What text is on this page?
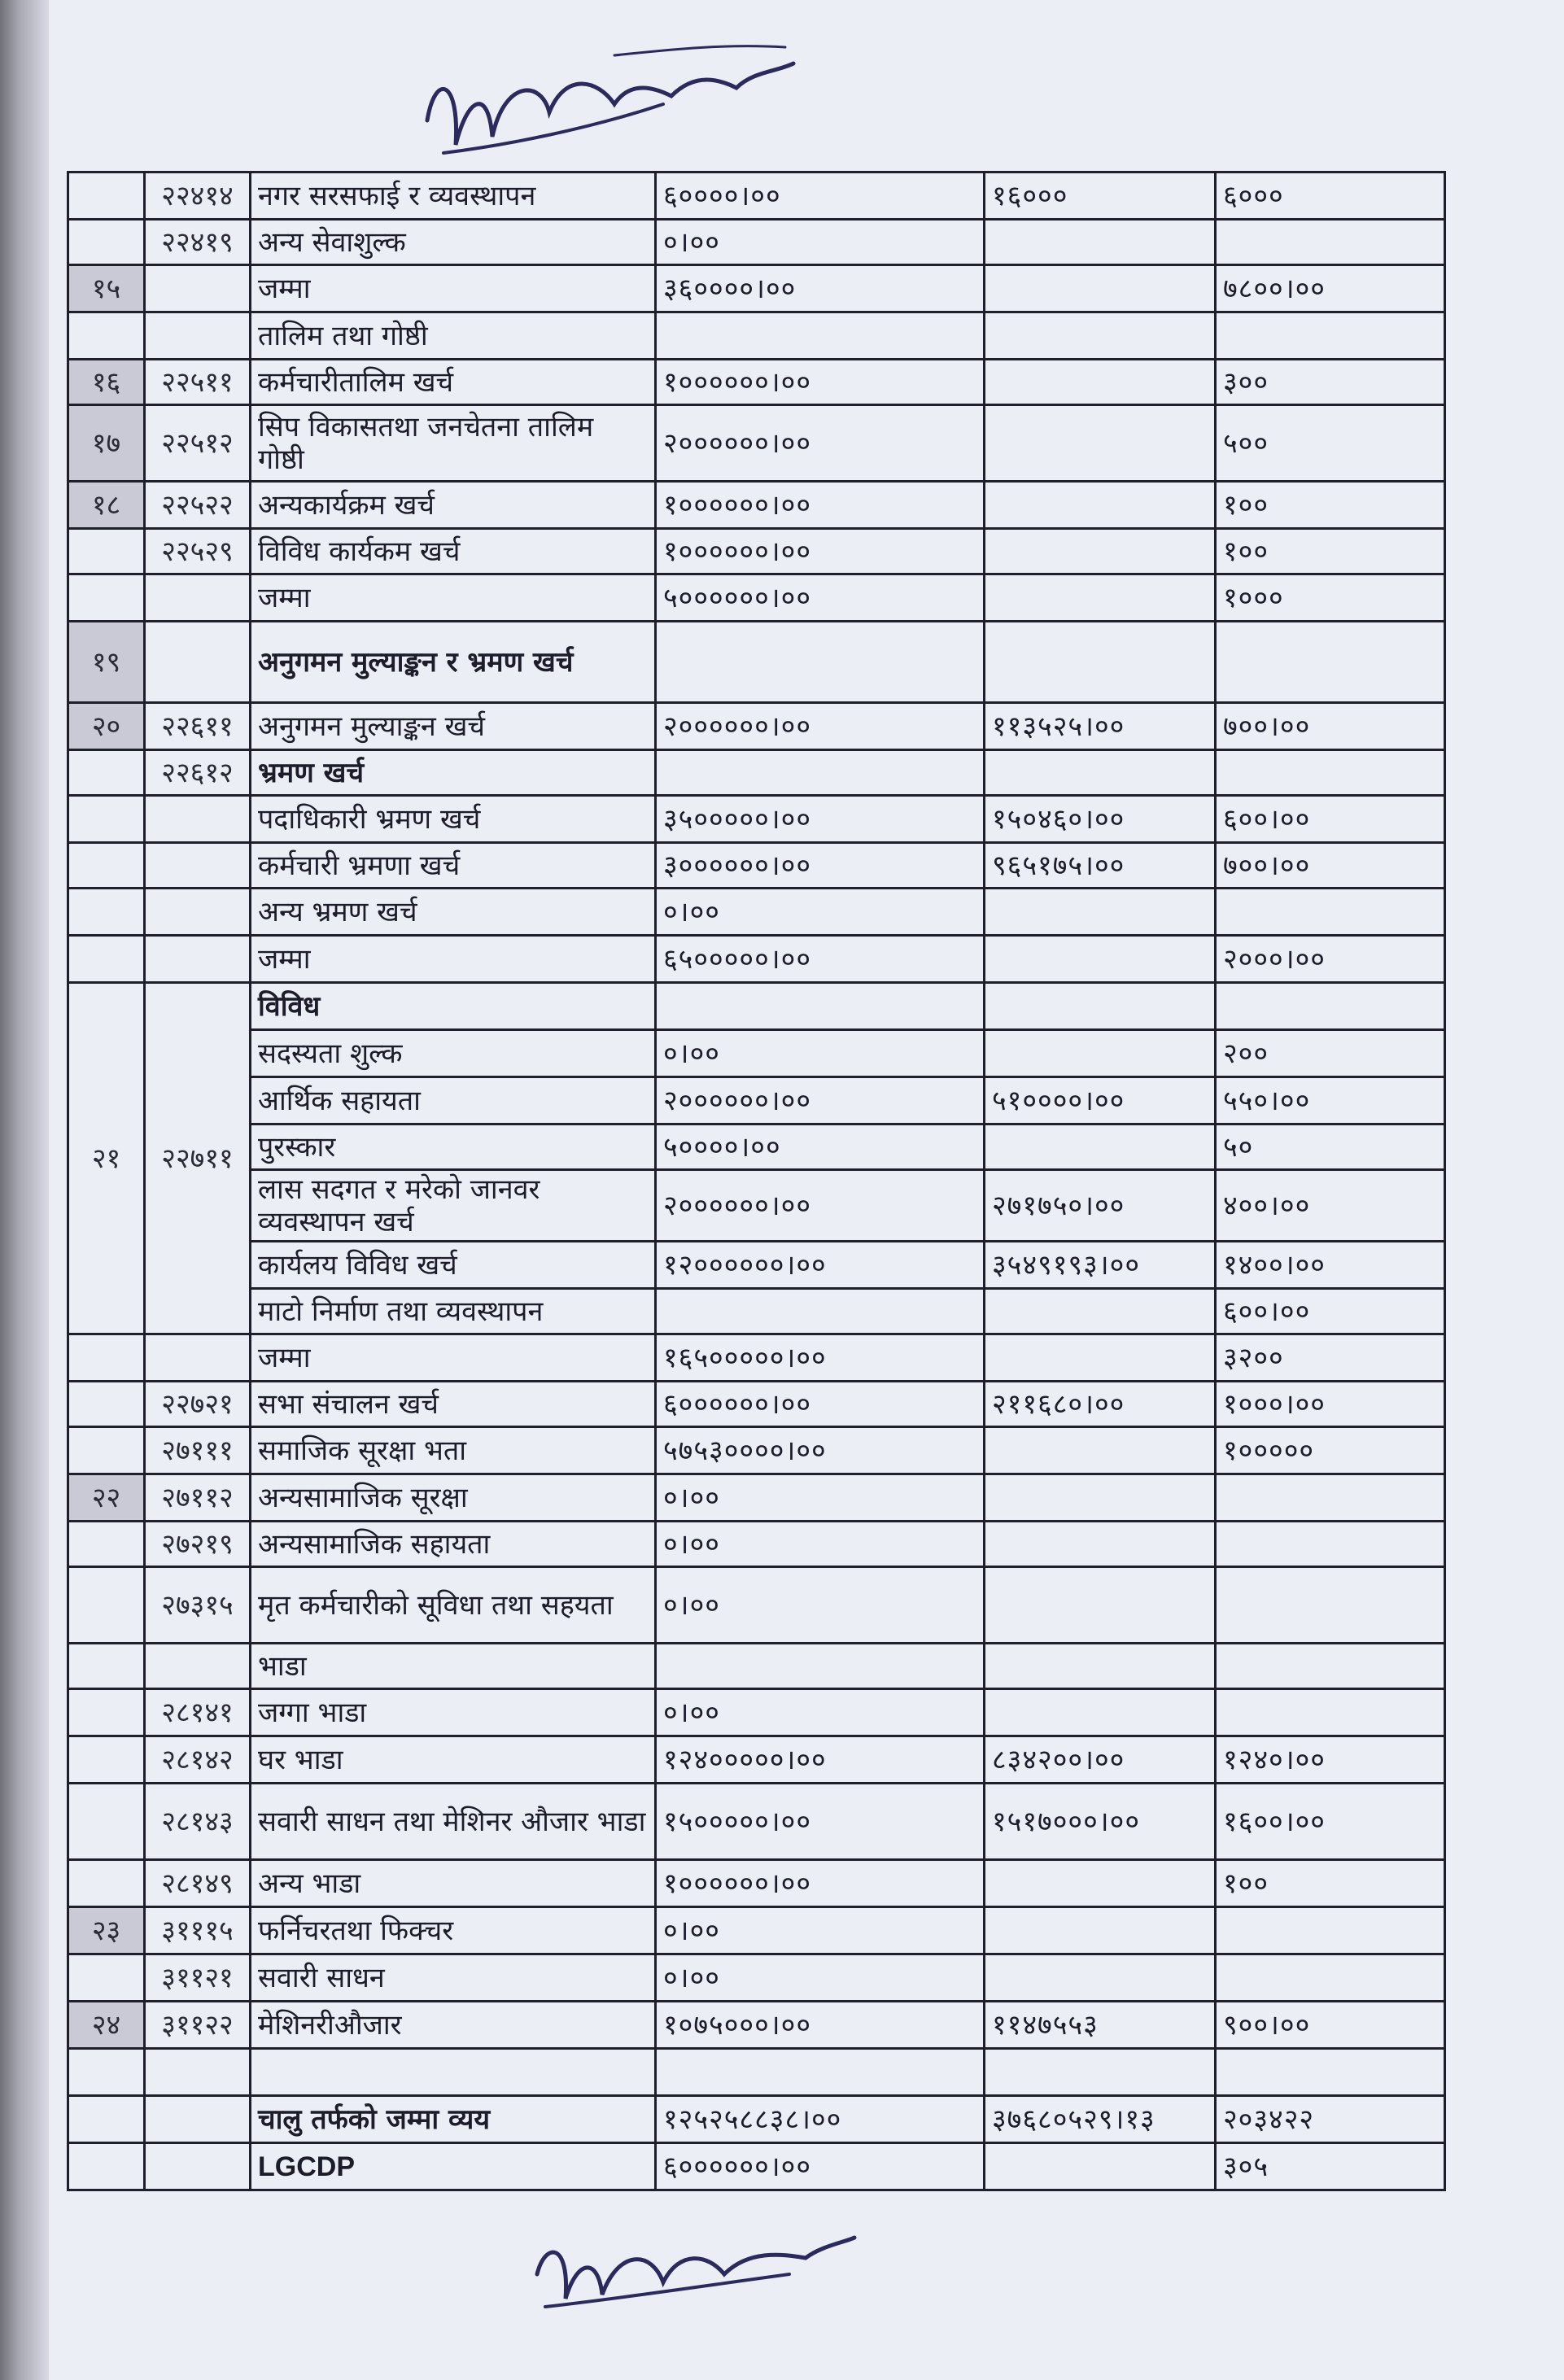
	२२४१४	नगर सरसफाई र व्यवस्थापन	६००००।००	१६०००	६०००
	२२४१९	अन्य सेवाशुल्क	०।००		
१५		जम्मा	३६००००।००		७८००।००
		तालिम तथा गोष्ठी			
१६	२२५११	कर्मचारीतालिम खर्च	१००००००।००		३००
१७	२२५१२	सिप विकासतथा जनचेतना तालिम गोष्ठी	२००००००।००		५००
१८	२२५२२	अन्यकार्यक्रम खर्च	१००००००।००		१००
	२२५२९	विविध कार्यकम खर्च	१००००००।००		१००
		जम्मा	५००००००।००		१०००
१९		अनुगमन मुल्याङ्कन र भ्रमण खर्च			
२०	२२६११	अनुगमन मुल्याङ्कन खर्च	२००००००।००	११३५२५।००	७००।००
	२२६१२	भ्रमण खर्च			
		पदाधिकारी भ्रमण खर्च	३५०००००।००	१५०४६०।००	६००।००
		कर्मचारी भ्रमणा खर्च	३००००००।००	९६५१७५।००	७००।००
		अन्य भ्रमण खर्च	०।००		
		जम्मा	६५०००००।००		२०००।००
२१	२२७११	विविध			
		सदस्यता शुल्क	०।००		२००
		आर्थिक सहायता	२००००००।००	५१००००।००	५५०।००
		पुरस्कार	५००००।००		५०
		लास सदगत र मरेको जानवर व्यवस्थापन खर्च	२००००००।००	२७१७५०।००	४००।००
		कार्यलय विविध खर्च	१२००००००।००	३५४९१९३।००	१४००।००
		माटो निर्माण तथा व्यवस्थापन			६००।००
		जम्मा	१६५०००००।००		३२००
	२२७२१	सभा संचालन खर्च	६००००००।००	२११६८०।००	१०००।००
	२७१११	समाजिक सूरक्षा भता	५७५३००००।००		१०००००
२२	२७११२	अन्यसामाजिक सूरक्षा	०।००		
	२७२१९	अन्यसामाजिक सहायता	०।००		
	२७३१५	मृत कर्मचारीको सूविधा तथा सहयता	०।००		
		भाडा			
	२८१४१	जग्गा भाडा	०।००		
	२८१४२	घर भाडा	१२४०००००।००	८३४२००।००	१२४०।००
	२८१४३	सवारी साधन तथा मेशिनर औजार भाडा	१५०००००।००	१५१७०००।००	१६००।००
	२८१४९	अन्य भाडा	१००००००।००		१००
२३	३१११५	फर्निचरतथा फिक्चर	०।००		
	३११२१	सवारी साधन	०।००		
२४	३११२२	मेशिनरीऔजार	१०७५०००।००	११४७५५३	९००।००

		चालु तर्फको जम्मा व्यय	१२५२५८८३८।००	३७६८०५२९।१३	२०३४२२
		LGCDP	६००००००।००		३०५
